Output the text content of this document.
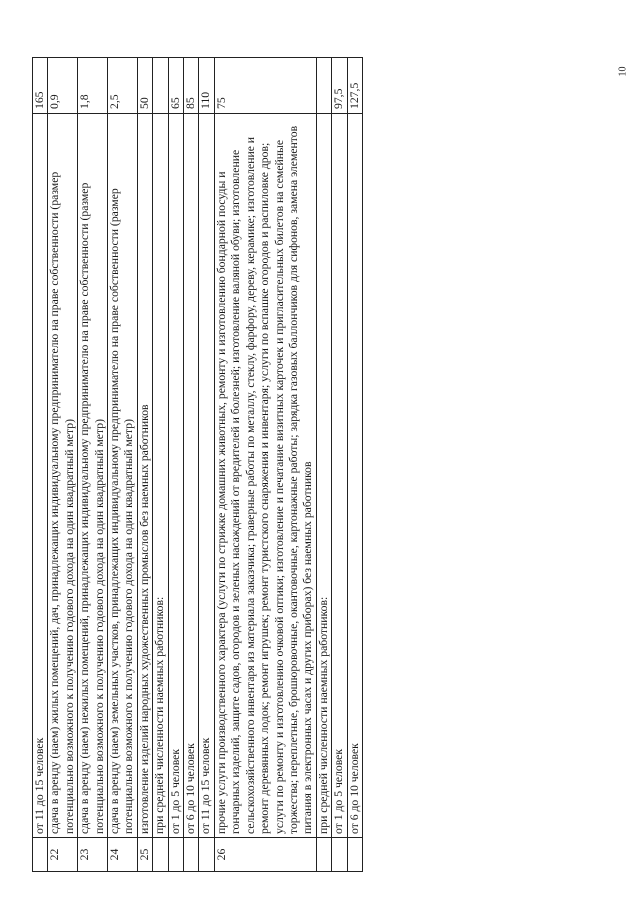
10
	от 11 до 15 человек	165
22	сдача в аренду (наем) жилых помещений, дач, принадлежащих индивидуальному предпринимателю на праве собственности (размер потенциально возможного к получению годового дохода на один квадратный метр)	0,9
23	сдача в аренду (наем) нежилых помещений, принадлежащих индивидуальному предпринимателю на праве собственности (размер потенциально возможного к получению годового дохода на один квадратный метр)	1,8
24	сдача в аренду (наем) земельных участков, принадлежащих индивидуальному предпринимателю на праве собственности (размер потенциально возможного к получению годового дохода на один квадратный метр)	2,5
25	изготовление изделий народных художественных промыслов без наемных работников	50
	при средней численности наемных работников:	
	от 1 до 5 человек	65
	от 6 до 10 человек	85
	от 11 до 15 человек	110
26	прочие услуги производственного характера (услуги по стрижке домашних животных, ремонту и изготовлению бондарной посуды и гончарных изделий, защите садов, огородов и зеленых насаждений от вредителей и болезней; изготовление валяной обуви; изготовление сельскохозяйственного инвентаря из материала заказчика; граверные работы по металлу, стеклу, фарфору, дереву, керамике; изготовление и ремонт деревянных лодок; ремонт игрушек; ремонт туристского снаряжения и инвентаря; услуги по вспашке огородов и распиловке дров; услуги по ремонту и изготовлению очковой оптики; изготовление и печатание визитных карточек и пригласительных билетов на семейные торжества; переплетные, брошюровочные, окантовочные, картонажные работы; зарядка газовых баллончиков для сифонов, замена элементов питания в электронных часах и других приборах) без наемных работников	75
	при средней численности наемных работников:	
	от 1 до 5 человек	97,5
	от 6 до 10 человек	127,5
